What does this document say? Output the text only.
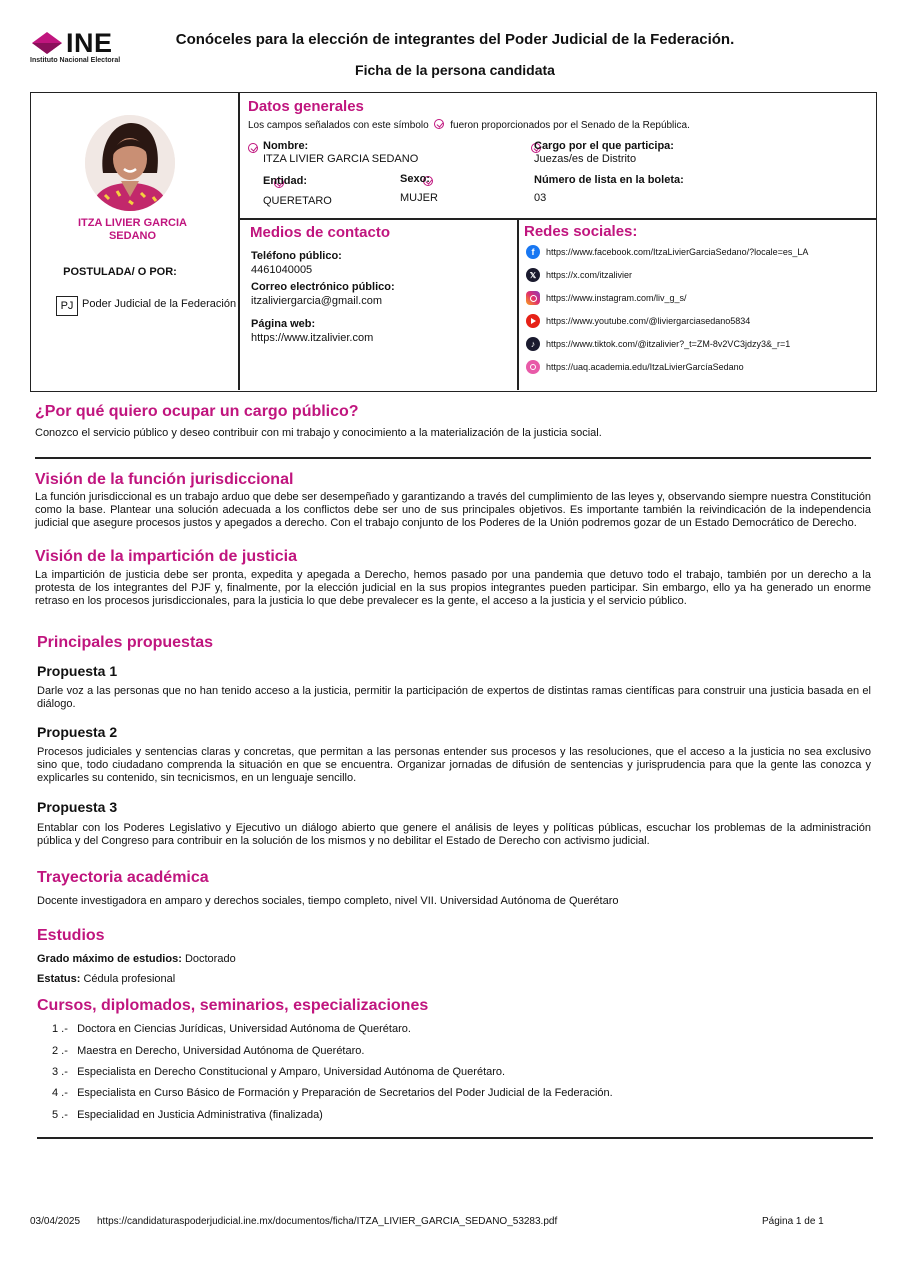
INE
Instituto Nacional Electoral
Conóceles para la elección de integrantes del Poder Judicial de la Federación.
Ficha de la persona candidata
ITZA LIVIER GARCIA SEDANO
POSTULADA/ O POR:
PJ Poder Judicial de la Federación
Datos generales
Los campos señalados con este símbolo fueron proporcionados por el Senado de la República.

Nombre:
ITZA LIVIER GARCIA SEDANO

Cargo por el que participa:
Juezas/es de Distrito

Entidad:
QUERETARO
Sexo:
MUJER
Número de lista en la boleta:
03
Medios de contacto
Teléfono público:
4461040005
Correo electrónico público:
itzaliviergarcia@gmail.com
Página web:
https://www.itzalivier.com
Redes sociales:
f	https://www.facebook.com/ItzaLivierGarciaSedano/?locale=es_LA
𝕏	https://x.com/itzalivier
https://www.instagram.com/liv_g_s/
https://www.youtube.com/@liviergarciasedano5834
♪	https://www.tiktok.com/@itzalivier?_t=ZM-8v2VC3jdzy3&_r=1
https://uaq.academia.edu/ItzaLivierGarcíaSedano
¿Por qué quiero ocupar un cargo público?
Conozco el servicio público y deseo contribuir con mi trabajo y conocimiento a la materialización de la justicia social.
Visión de la función jurisdiccional
La función jurisdiccional es un trabajo arduo que debe ser desempeñado y garantizando a través del cumplimiento de las leyes y, observando siempre nuestra Constitución como la base. Plantear una solución adecuada a los conflictos debe ser uno de sus principales objetivos. Es importante también la reivindicación de la independencia judicial que asegure procesos justos y apegados a derecho. Con el trabajo conjunto de los Poderes de la Unión podremos gozar de un Estado Democrático de Derecho.
Visión de la impartición de justicia
La impartición de justicia debe ser pronta, expedita y apegada a Derecho, hemos pasado por una pandemia que detuvo todo el trabajo, también por un derecho a la protesta de los integrantes del PJF y, finalmente, por la elección judicial en la sus propios integrantes pueden participar. Sin embargo, ello ya ha generado un enorme retraso en los procesos jurisdiccionales, para la justicia lo que debe prevalecer es la gente, el acceso a la justicia y el servicio público.
Principales propuestas
Propuesta 1
Darle voz a las personas que no han tenido acceso a la justicia, permitir la participación de expertos de distintas ramas científicas para construir una justicia basada en el diálogo.
Propuesta 2
Procesos judiciales y sentencias claras y concretas, que permitan a las personas entender sus procesos y las resoluciones, que el acceso a la justicia no sea exclusivo sino que, todo ciudadano comprenda la situación en que se encuentra. Organizar jornadas de difusión de sentencias y jurisprudencia para que la gente las conozca y explicarles su contenido, sin tecnicismos, en un lenguaje sencillo.
Propuesta 3
Entablar con los Poderes Legislativo y Ejecutivo un diálogo abierto que genere el análisis de leyes y políticas públicas, escuchar los problemas de la administración pública y del Congreso para contribuir en la solución de los mismos y no debilitar el Estado de Derecho con activismo judicial.
Trayectoria académica
Docente investigadora en amparo y derechos sociales, tiempo completo, nivel VII. Universidad Autónoma de Querétaro
Estudios
Grado máximo de estudios: Doctorado
Estatus: Cédula profesional
Cursos, diplomados, seminarios, especializaciones
1 .- Doctora en Ciencias Jurídicas, Universidad Autónoma de Querétaro.
2 .- Maestra en Derecho, Universidad Autónoma de Querétaro.
3 .- Especialista en Derecho Constitucional y Amparo, Universidad Autónoma de Querétaro.
4 .- Especialista en Curso Básico de Formación y Preparación de Secretarios del Poder Judicial de la Federación.
5 .- Especialidad en Justicia Administrativa (finalizada)
03/04/2025 https://candidaturaspoderjudicial.ine.mx/documentos/ficha/ITZA_LIVIER_GARCIA_SEDANO_53283.pdf	Página 1 de 1
